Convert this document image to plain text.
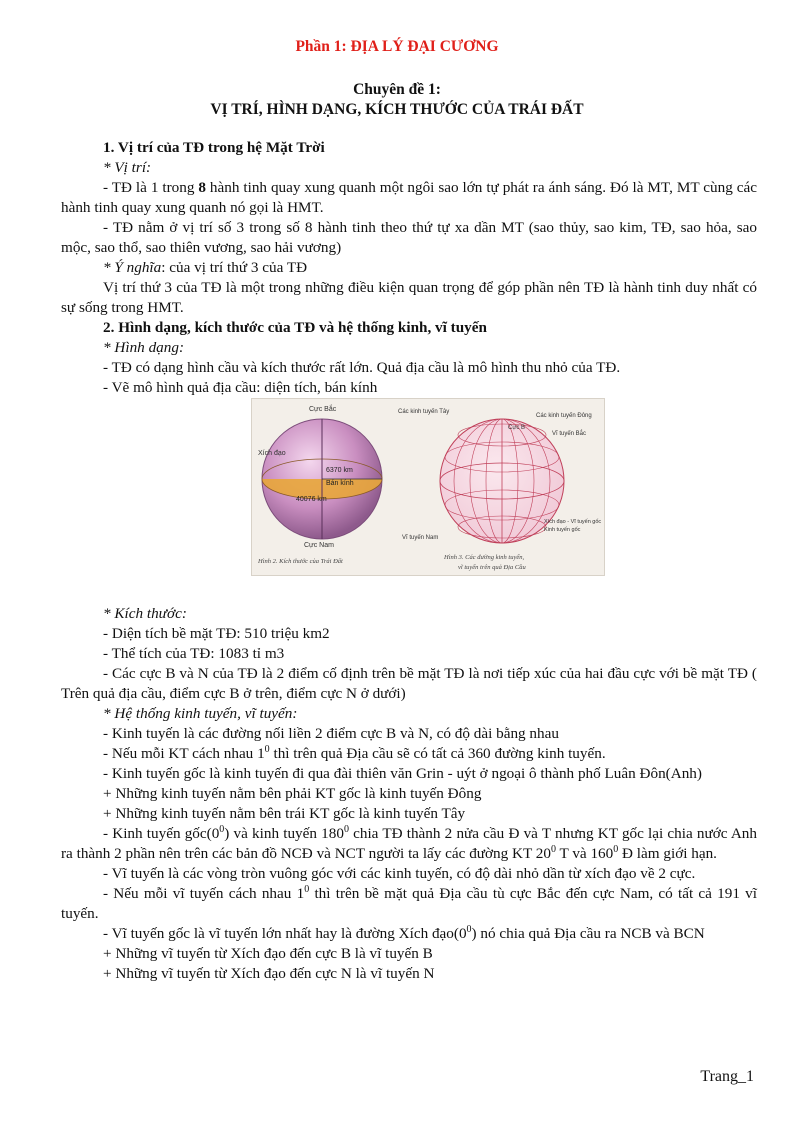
Phần 1: ĐỊA LÝ ĐẠI CƯƠNG
Chuyên đề 1:
VỊ TRÍ, HÌNH DẠNG, KÍCH THƯỚC CỦA TRÁI ĐẤT

1. Vị trí của TĐ trong hệ Mặt Trời

* Vị trí:

- TĐ là 1 trong 8 hành tinh quay xung quanh một ngôi sao lớn tự phát ra ánh sáng. Đó là MT, MT cùng các hành tinh quay xung quanh nó gọi là HMT.

- TĐ nằm ở vị trí số 3 trong số 8 hành tinh theo thứ tự xa dần MT (sao thủy, sao kim, TĐ, sao hỏa, sao mộc, sao thổ, sao thiên vương, sao hải vương)

* Ý nghĩa: của vị trí thứ 3 của TĐ

Vị trí thứ 3 của TĐ là một trong những điều kiện quan trọng để góp phần nên TĐ là hành tinh duy nhất có sự sống trong HMT.

2. Hình dạng, kích thước của TĐ và hệ thống kinh, vĩ tuyến

* Hình dạng:

- TĐ có dạng hình cầu và kích thước rất lớn. Quả địa cầu là mô hình thu nhỏ của TĐ.

- Vẽ mô hình quả địa cầu: diện tích, bán kính

Cực Bắc
Xích đạo
6370 km
Bán kính
40076 km
Cực Nam
Hình 2. Kích thước của Trái Đất
Các kinh tuyến Tây
Các kinh tuyến Đông
Cực B
Vĩ tuyến Bắc
Xích đạo - Vĩ tuyến gốc
Kinh tuyến gốc
Vĩ tuyến Nam
Hình 3. Các đường kinh tuyến,
vĩ tuyến trên quả Địa Cầu

* Kích thước:

- Diện tích bề mặt TĐ: 510 triệu km2

- Thể tích của TĐ: 1083 tỉ m3

- Các cực B và N của TĐ là 2 điểm cố định trên bề mặt TĐ là nơi tiếp xúc của hai đầu cực với bề mặt TĐ ( Trên quả địa cầu, điểm cực B ở trên, điểm cực N ở dưới)

* Hệ thống kinh tuyến, vĩ tuyến:

- Kinh tuyến là các đường nối liền 2 điểm cực B và N, có độ dài bằng nhau

- Nếu mỗi KT cách nhau $1^0$ thì trên quả Địa cầu sẽ có tất cả 360 đường kinh tuyến.

- Kinh tuyến gốc là kinh tuyến đi qua đài thiên văn Grin - uýt ở ngoại ô thành phố Luân Đôn(Anh)

+ Những kinh tuyến nằm bên phải KT gốc là kinh tuyến Đông

+ Những kinh tuyến nằm bên trái KT gốc là kinh tuyến Tây

- Kinh tuyến $gốc(0^0)$ và kinh tuyến $180^0$ chia TĐ thành 2 nửa cầu Đ và T nhưng KT gốc lại chia nước Anh ra thành 2 phần nên trên các bản đồ NCĐ và NCT người ta lấy các đường KT $20^0$ T và $160^0$ Đ làm giới hạn.

- Vĩ tuyến là các vòng tròn vuông góc với các kinh tuyến, có độ dài nhỏ dần từ xích đạo về 2 cực.

- Nếu mỗi vĩ tuyến cách nhau $1^0$ thì trên bề mặt quả Địa cầu tù cực Bắc đến cực Nam, có tất cả 191 vĩ tuyến.

- Vĩ tuyến gốc là vĩ tuyến lớn nhất hay là đường Xích $đạo(0^0)$ nó chia quả Địa cầu ra NCB và BCN

+ Những vĩ tuyến từ Xích đạo đến cực B là vĩ tuyến B

+ Những vĩ tuyến từ Xích đạo đến cực N là vĩ tuyến N

Trang_1
